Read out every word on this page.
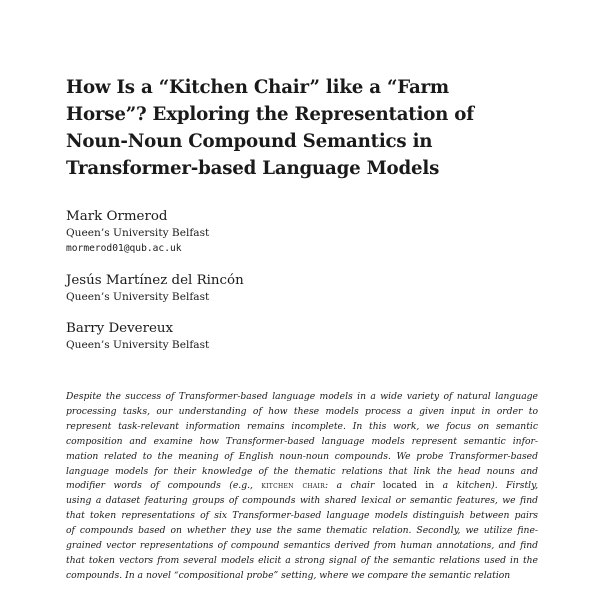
How Is a “Kitchen Chair” like a “Farm
Horse”? Exploring the Representation of
Noun-Noun Compound Semantics in
Transformer-based Language Models
Mark Ormerod
Queen’s University Belfast
mormerod01@qub.ac.uk
Jesús Martínez del Rincón
Queen’s University Belfast
Barry Devereux
Queen’s University Belfast
Despite the success of Transformer-based language models in a wide variety of natural language
processing tasks, our understanding of how these models process a given input in order to
represent task-relevant information remains incomplete. In this work, we focus on semantic
composition and examine how Transformer-based language models represent semantic infor-
mation related to the meaning of English noun-noun compounds. We probe Transformer-based
language models for their knowledge of the thematic relations that link the head nouns and
modifier words of compounds (e.g., kitchen chair: a chair located in a kitchen). Firstly,
using a dataset featuring groups of compounds with shared lexical or semantic features, we find
that token representations of six Transformer-based language models distinguish between pairs
of compounds based on whether they use the same thematic relation. Secondly, we utilize fine-
grained vector representations of compound semantics derived from human annotations, and find
that token vectors from several models elicit a strong signal of the semantic relations used in the
compounds. In a novel “compositional probe” setting, where we compare the semantic relation
